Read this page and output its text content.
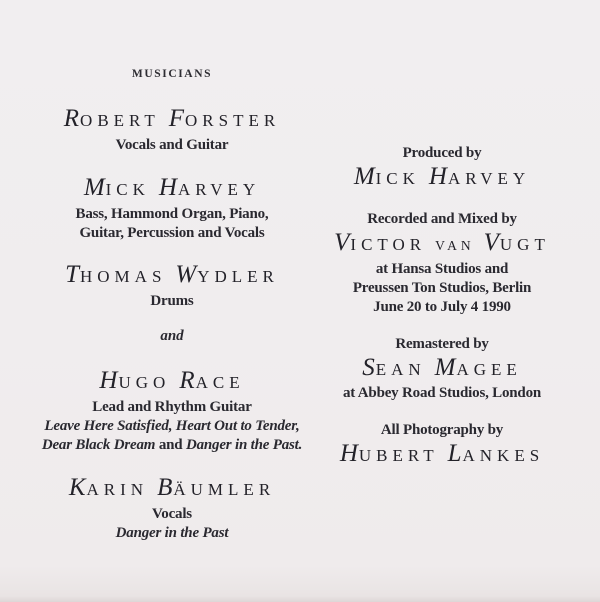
MUSICIANS
ROBERT FORSTER
Vocals and Guitar
MICK HARVEY
Bass, Hammond Organ, Piano,
Guitar, Percussion and Vocals
THOMAS WYDLER
Drums
and
HUGO RACE
Lead and Rhythm Guitar
Leave Here Satisfied, Heart Out to Tender,
Dear Black Dream and Danger in the Past.
KARIN BÄUMLER
Vocals
Danger in the Past
Produced by
MICK HARVEY
Recorded and Mixed by
VICTOR VAN VUGT
at Hansa Studios and
Preussen Ton Studios, Berlin
June 20 to July 4 1990
Remastered by
SEAN MAGEE
at Abbey Road Studios, London
All Photography by
HUBERT LANKES
